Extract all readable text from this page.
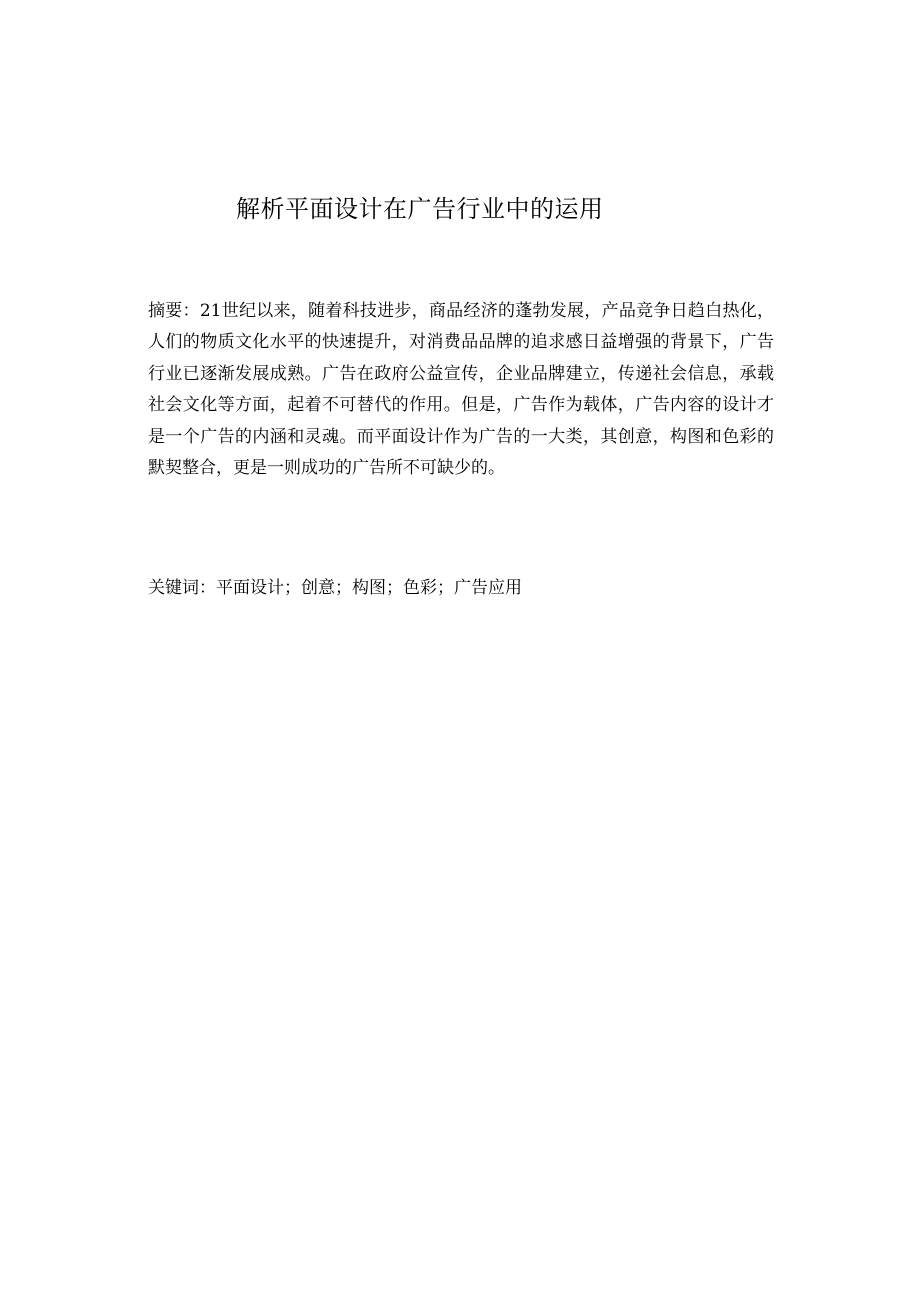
解析平面设计在广告行业中的运用
摘要：21世纪以来，随着科技进步，商品经济的蓬勃发展，产品竞争日趋白热化，人们的物质文化水平的快速提升，对消费品品牌的追求感日益增强的背景下，广告行业已逐渐发展成熟。广告在政府公益宣传，企业品牌建立，传递社会信息，承载社会文化等方面，起着不可替代的作用。但是，广告作为载体，广告内容的设计才是一个广告的内涵和灵魂。而平面设计作为广告的一大类，其创意，构图和色彩的默契整合，更是一则成功的广告所不可缺少的。
关键词：平面设计；创意；构图；色彩；广告应用
